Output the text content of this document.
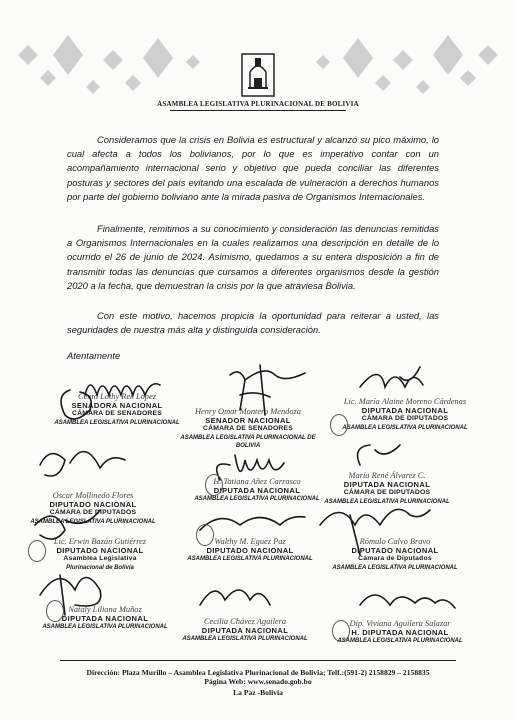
ASAMBLEA LEGISLATIVA PLURINACIONAL DE BOLIVIA

Consideramos que la crisis en Bolivia es estructural y alcanzó su pico máximo, lo cual afecta a todos los bolivianos, por lo que es imperativo contar con un acompañamiento internacional serio y objetivo que pueda conciliar las diferentes posturas y sectores del país evitando una escalada de vulneración a derechos humanos por parte del gobierno boliviano ante la mirada pasiva de Organismos Internacionales.

Finalmente, remitimos a su conocimiento y consideración las denuncias remitidas a Organismos Internacionales en la cuales realizamos una descripción en detalle de lo ocurrido el 26 de junio de 2024. Asimismo, quedamos a su entera disposición a fin de transmitir todas las denuncias que cursamos a diferentes organismos desde la gestión 2020 a la fecha, que demuestran la crisis por la que atraviesa Bolivia.

Con este motivo, hacemos propicia la oportunidad para reiterar a usted, las seguridades de nuestra más alta y distinguida consideración.

Atentamente

Centa Lothy Rek López
SENADORA NACIONAL
CÁMARA DE SENADORES
ASAMBLEA LEGISLATIVA PLURINACIONAL
Henry Omar Montero Mendoza
SENADOR NACIONAL
CÁMARA DE SENADORES
ASAMBLEA LEGISLATIVA PLURINACIONAL DE BOLIVIA
Lic. María Alaine Moreno Cárdenas
DIPUTADA NACIONAL
CÁMARA DE DIPUTADOS
ASAMBLEA LEGISLATIVA PLURINACIONAL
Oscar Mollinedo Flores
DIPUTADO NACIONAL
CÁMARA DE DIPUTADOS
ASAMBLEA LEGISLATIVA PLURINACIONAL
H. Tatiana Añez Carrasco
DIPUTADA NACIONAL
ASAMBLEA LEGISLATIVA PLURINACIONAL
María René Álvarez C.
DIPUTADA NACIONAL
CÁMARA DE DIPUTADOS
ASAMBLEA LEGISLATIVA PLURINACIONAL
Lic. Erwin Bazán Gutiérrez
DIPUTADO NACIONAL
Asamblea Legislativa
Plurinacional de Bolivia
Walthy M. Eguez Paz
DIPUTADO NACIONAL
ASAMBLEA LEGISLATIVA PLURINACIONAL
Rómulo Calvo Bravo
DIPUTADO NACIONAL
Cámara de Diputados
ASAMBLEA LEGISLATIVA PLURINACIONAL
Nataly Liliana Muñoz
DIPUTADA NACIONAL
ASAMBLEA LEGISLATIVA PLURINACIONAL
Cecilia Chávez Aguilera
DIPUTADA NACIONAL
ASAMBLEA LEGISLATIVA PLURINACIONAL
Dip. Viviana Aguilera Salazar
H. DIPUTADA NACIONAL
ASAMBLEA LEGISLATIVA PLURINACIONAL
Dirección: Plaza Murillo – Asamblea Legislativa Plurinacional de Bolivia; Telf.:(591-2) 2158829 – 2158835
Página Web: www.senado.gob.bo
La Paz -Bolivia
